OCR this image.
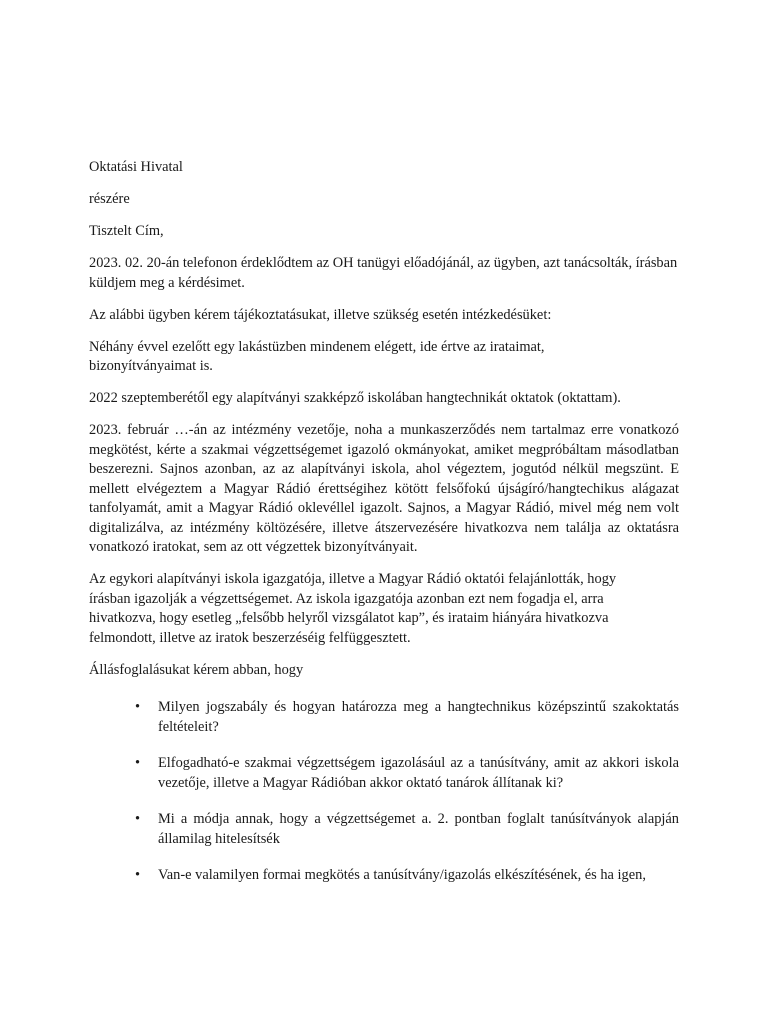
Oktatási Hivatal

részére

Tisztelt Cím,

2023. 02. 20-án telefonon érdeklődtem az OH tanügyi előadójánál, az ügyben, azt tanácsolták, írásban küldjem meg a kérdésimet.

Az alábbi ügyben kérem tájékoztatásukat, illetve szükség esetén intézkedésüket:

Néhány évvel ezelőtt egy lakástüzben mindenem elégett, ide értve az irataimat, bizonyítványaimat is.

2022 szeptemberétől egy alapítványi szakképző iskolában hangtechnikát oktatok (oktattam).

2023. február …-án az intézmény vezetője, noha a munkaszerződés nem tartalmaz erre vonatkozó megkötést, kérte a szakmai végzettségemet igazoló okmányokat, amiket megpróbáltam másodlatban beszerezni. Sajnos azonban, az az alapítványi iskola, ahol végeztem, jogutód nélkül megszünt. E mellett elvégeztem a Magyar Rádió érettségihez kötött felsőfokú újságíró/hangtechikus alágazat tanfolyamát, amit a Magyar Rádió oklevéllel igazolt. Sajnos, a Magyar Rádió, mivel még nem volt digitalizálva, az intézmény költözésére, illetve átszervezésére hivatkozva nem találja az oktatásra vonatkozó iratokat, sem az ott végzettek bizonyítványait.

Az egykori alapítványi iskola igazgatója, illetve a Magyar Rádió oktatói felajánlották, hogy írásban igazolják a végzettségemet. Az iskola igazgatója azonban ezt nem fogadja el, arra hivatkozva, hogy esetleg „felsőbb helyről vizsgálatot kap”, és irataim hiányára hivatkozva felmondott, illetve az iratok beszerzéséig felfüggesztett.

Állásfoglalásukat kérem abban, hogy

• Milyen jogszabály és hogyan határozza meg a hangtechnikus középszintű szakoktatás feltételeit?
• Elfogadható-e szakmai végzettségem igazolásául az a tanúsítvány, amit az akkori iskola vezetője, illetve a Magyar Rádióban akkor oktató tanárok állítanak ki?
• Mi a módja annak, hogy a végzettségemet a. 2. pontban foglalt tanúsítványok alapján államilag hitelesítsék
• Van-e valamilyen formai megkötés a tanúsítvány/igazolás elkészítésének, és ha igen,
